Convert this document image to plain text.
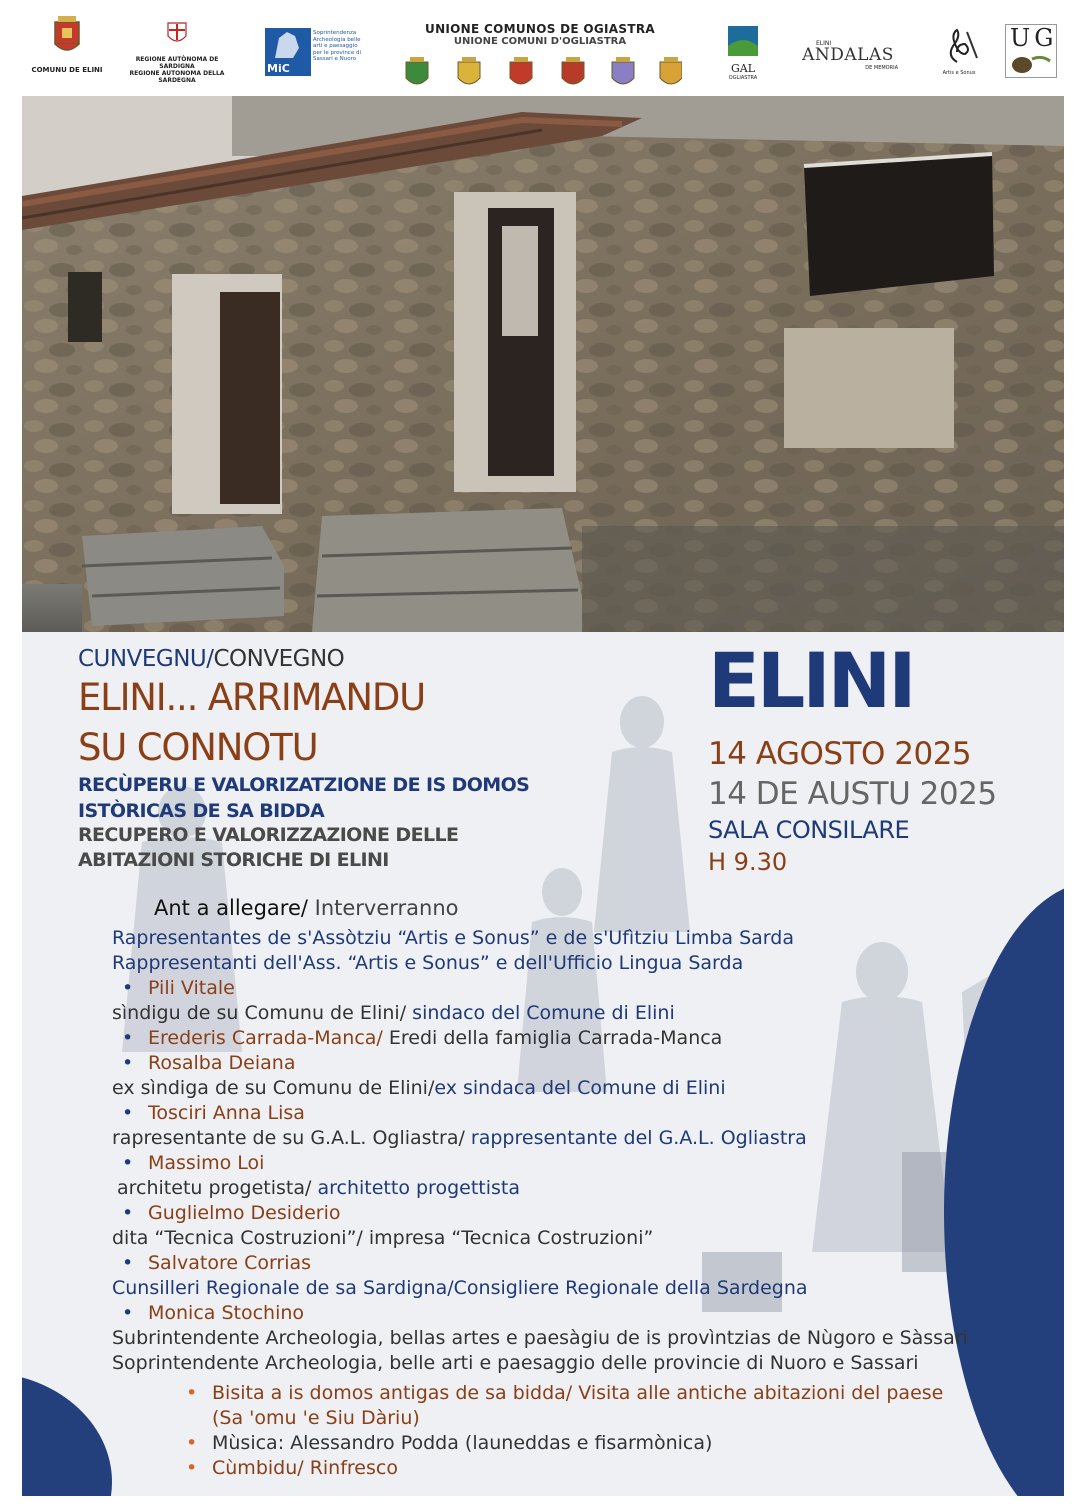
COMUNU DE ELINI
REGIONE AUTÒNOMA DE SARDIGNA
REGIONE AUTONOMA DELLA SARDEGNA
MiC
Soprintendenza Archeologia belle arti e paesaggio per le province di Sassari e Nuoro
UNIONE COMUNOS DE OGIASTRA
UNIONE COMUNI D'OGLIASTRA
GAL
OGLIASTRA
ELINI
ANDALAS
DE MEMORIA
Artis e Sonus
UG
CUNVEGNU/CONVEGNO
ELINI... ARRIMANDU
SU CONNOTU
RECÙPERU E VALORIZATZIONE DE IS DOMOS
ISTÒRICAS DE SA BIDDA
RECUPERO E VALORIZZAZIONE DELLE
ABITAZIONI STORICHE DI ELINI
ELINI
14 AGOSTO 2025
14 DE AUSTU 2025
SALA CONSILARE
H 9.30
Ant a allegare/ Interverranno
Rapresentantes de s'Assòtziu “Artis e Sonus” e de s'Ufìtziu Limba Sarda
Rappresentanti dell'Ass. “Artis e Sonus” e dell'Ufficio Lingua Sarda
• Pili Vitale
sìndigu de su Comunu de Elini/ sindaco del Comune di Elini
• Erederis Carrada-Manca/ Eredi della famiglia Carrada-Manca
• Rosalba Deiana
ex sìndiga de su Comunu de Elini/ex sindaca del Comune di Elini
• Tosciri Anna Lisa
rapresentante de su G.A.L. Ogliastra/ rappresentante del G.A.L. Ogliastra
• Massimo Loi
architetu progetista/ architetto progettista
• Guglielmo Desiderio
dita “Tecnica Costruzioni”/ impresa “Tecnica Costruzioni”
• Salvatore Corrias
Cunsilleri Regionale de sa Sardigna/Consigliere Regionale della Sardegna
• Monica Stochino
Subrintendente Archeologia, bellas artes e paesàgiu de is provìntzias de Nùgoro e Sàssari
Soprintendente Archeologia, belle arti e paesaggio delle provincie di Nuoro e Sassari
• Bisita a is domos antigas de sa bidda/ Visita alle antiche abitazioni del paese
(Sa 'omu 'e Siu Dàriu)
• Mùsica: Alessandro Podda (launeddas e fisarmònica)
• Cùmbidu/ Rinfresco
